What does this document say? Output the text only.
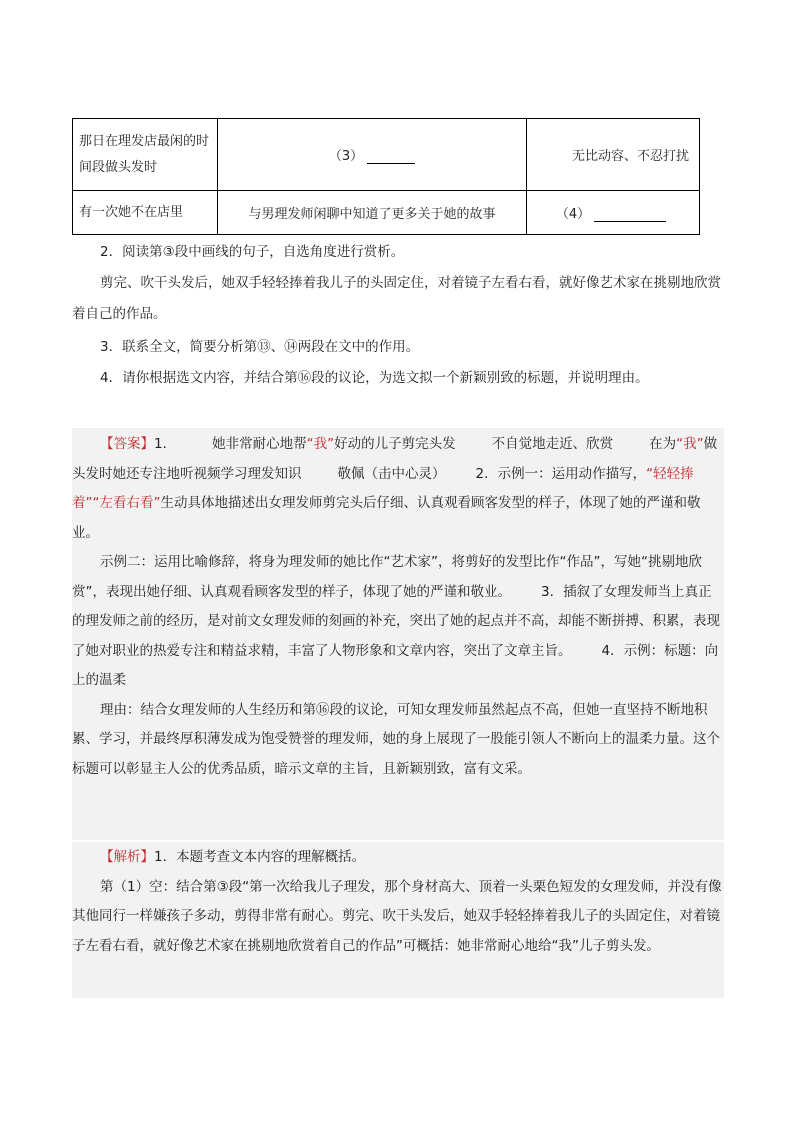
那日在理发店最闲的时间段做头发时	（3）	无比动容、不忍打扰
有一次她不在店里	与男理发师闲聊中知道了更多关于她的故事	（4）
2．阅读第③段中画线的句子，自选角度进行赏析。
剪完、吹干头发后，她双手轻轻捧着我儿子的头固定住，对着镜子左看右看，就好像艺术家在挑剔地欣赏着自己的作品。
3．联系全文，简要分析第⑬、⑭两段在文中的作用。
4．请你根据选文内容，并结合第⑯段的议论，为选文拟一个新颖别致的标题，并说明理由。
【答案】1．	她非常耐心地帮“我”好动的儿子剪完头发	不自觉地走近、欣赏	在为“我”做头发时她还专注地听视频学习理发知识	敬佩（击中心灵） 2．示例一：运用动作描写，“轻轻捧着”“左看右看”生动具体地描述出女理发师剪完头后仔细、认真观看顾客发型的样子，体现了她的严谨和敬业。
示例二：运用比喻修辞，将身为理发师的她比作“艺术家”，将剪好的发型比作“作品”，写她“挑剔地欣赏”，表现出她仔细、认真观看顾客发型的样子，体现了她的严谨和敬业。 3．插叙了女理发师当上真正的理发师之前的经历，是对前文女理发师的刻画的补充，突出了她的起点并不高，却能不断拼搏、积累，表现了她对职业的热爱专注和精益求精，丰富了人物形象和文章内容，突出了文章主旨。 4．示例：标题：向上的温柔
理由：结合女理发师的人生经历和第⑯段的议论，可知女理发师虽然起点不高，但她一直坚持不断地积累、学习，并最终厚积薄发成为饱受赞誉的理发师，她的身上展现了一股能引领人不断向上的温柔力量。这个标题可以彰显主人公的优秀品质，暗示文章的主旨，且新颖别致，富有文采。
【解析】1．本题考查文本内容的理解概括。
第（1）空：结合第③段“第一次给我儿子理发，那个身材高大、顶着一头栗色短发的女理发师，并没有像其他同行一样嫌孩子多动，剪得非常有耐心。剪完、吹干头发后，她双手轻轻捧着我儿子的头固定住，对着镜子左看右看，就好像艺术家在挑剔地欣赏着自己的作品”可概括：她非常耐心地给“我”儿子剪头发。
